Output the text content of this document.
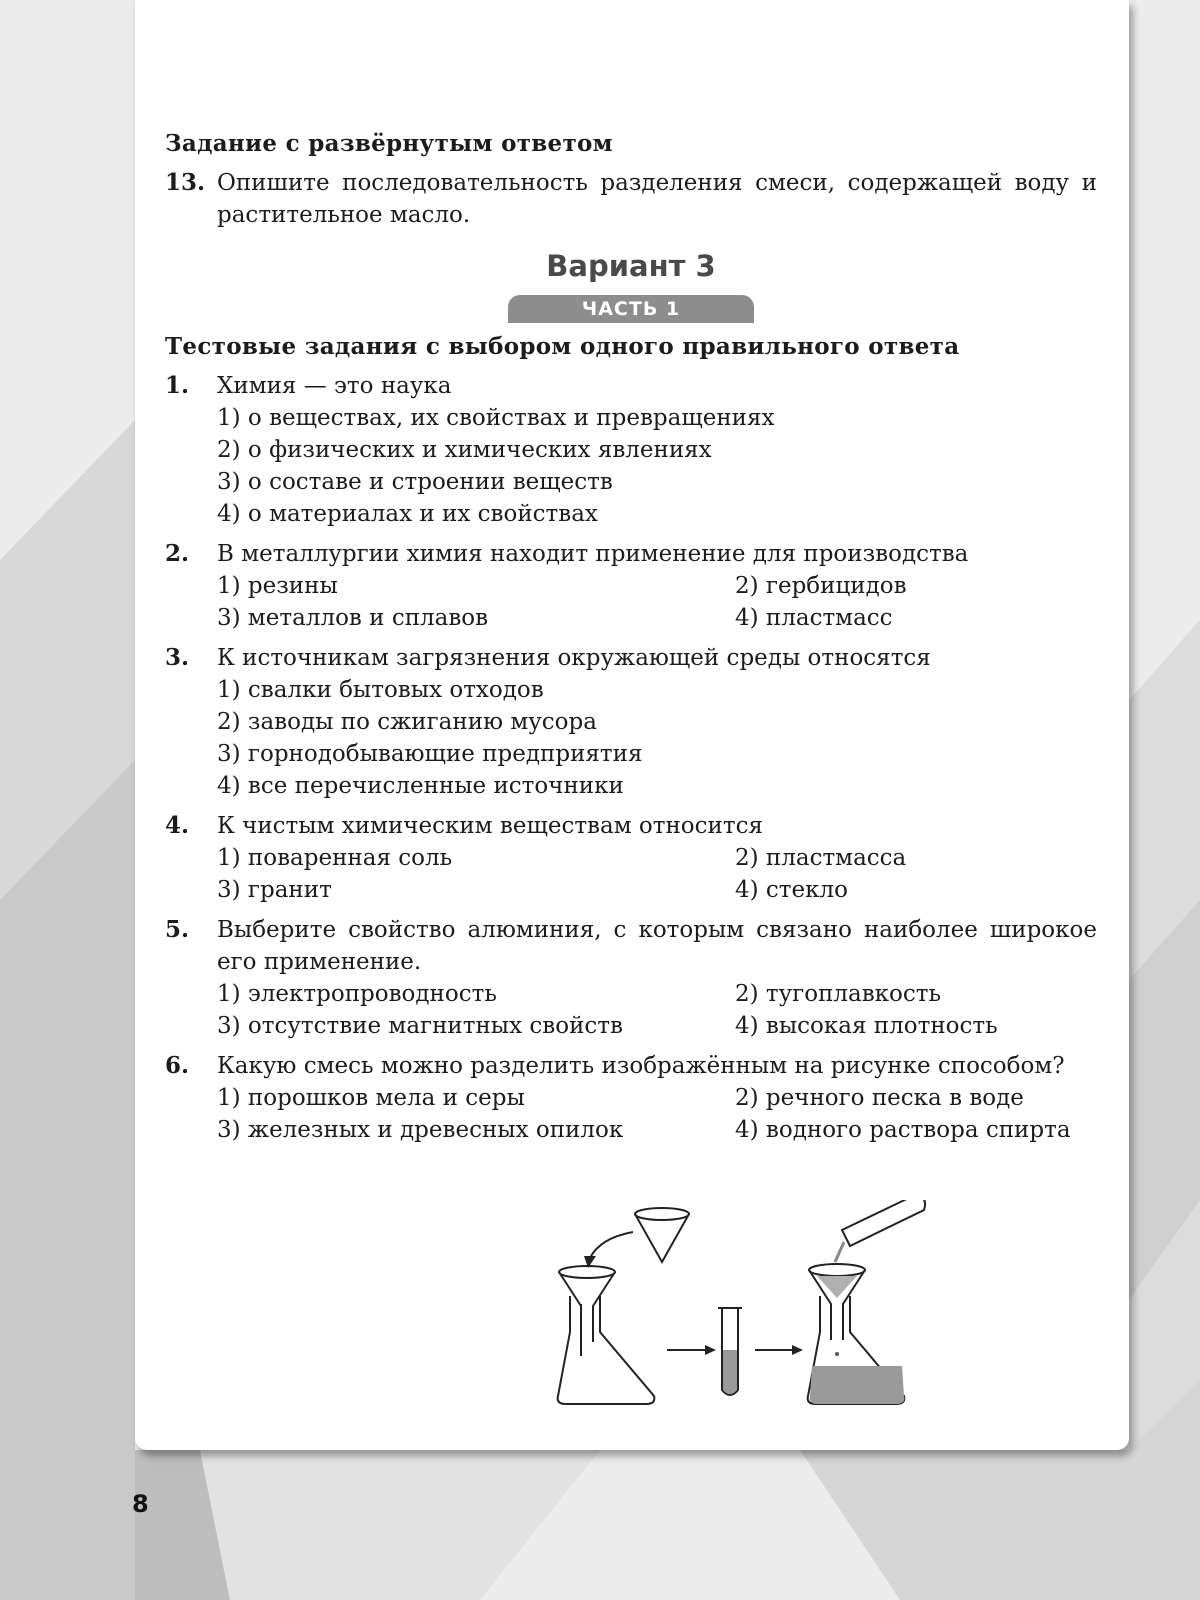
Задание с развёрнутым ответом
13. Опишите последовательность разделения смеси, содержащей воду и растительное масло.
Вариант 3
ЧАСТЬ 1
Тестовые задания с выбором одного правильного ответа
1. Химия — это наука
1) о веществах, их свойствах и превращениях
2) о физических и химических явлениях
3) о составе и строении веществ
4) о материалах и их свойствах
2. В металлургии химия находит применение для производства
1) резины	2) гербицидов
3) металлов и сплавов	4) пластмасс
3. К источникам загрязнения окружающей среды относятся
1) свалки бытовых отходов
2) заводы по сжиганию мусора
3) горнодобывающие предприятия
4) все перечисленные источники
4. К чистым химическим веществам относится
1) поваренная соль	2) пластмасса
3) гранит	4) стекло
5. Выберите свойство алюминия, с которым связано наиболее широкое его применение.
1) электропроводность	2) тугоплавкость
3) отсутствие магнитных свойств	4) высокая плотность
6. Какую смесь можно разделить изображённым на рисунке способом?
1) порошков мела и серы	2) речного песка в воде
3) железных и древесных опилок	4) водного раствора спирта
8
